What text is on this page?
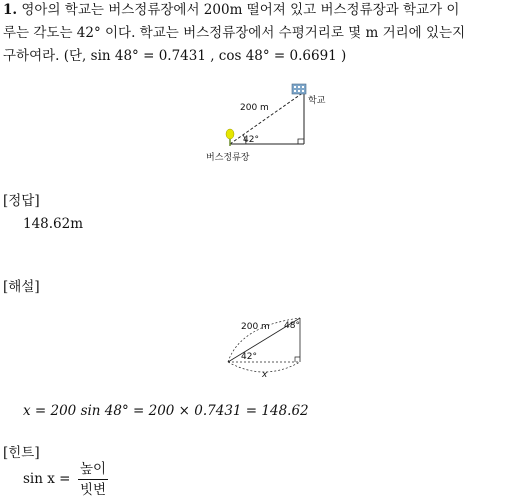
1. 영아의 학교는 버스정류장에서 200m 떨어져 있고 버스정류장과 학교가 이
루는 각도는 42° 이다. 학교는 버스정류장에서 수평거리로 몇 m 거리에 있는지
구하여라. (단, sin 48° = 0.7431 , cos 48° = 0.6691 )
200 m
학교
42°
버스정류장
[정답]
148.62m
[해설]
200 m 48°
42°
x
x = 200 sin 48° = 200 × 0.7431 = 148.62
[힌트]
sin x =
높이
빗변
